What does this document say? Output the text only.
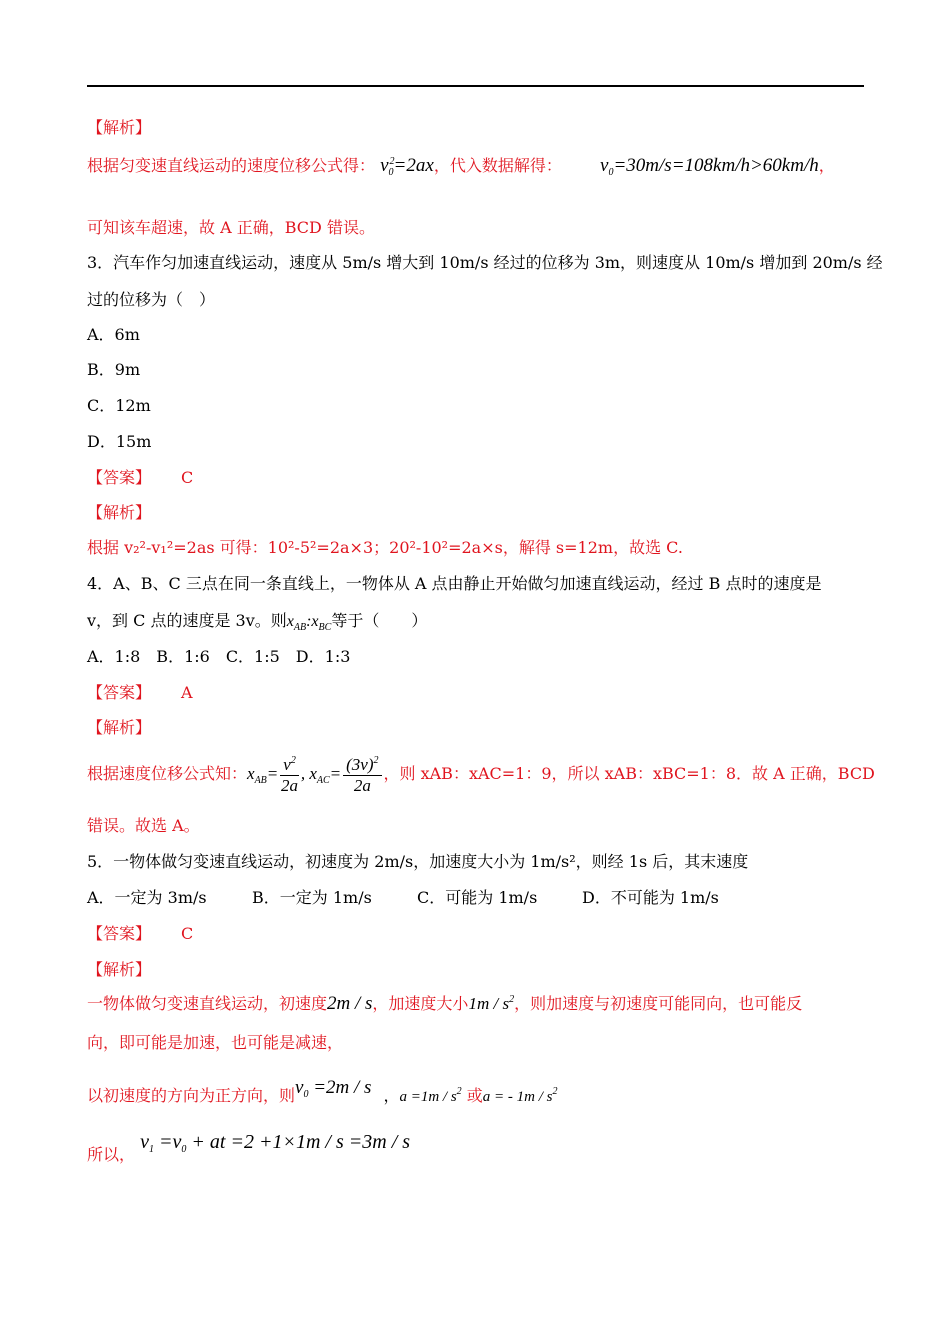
【解析】
根据匀变速直线运动的速度位移公式得： $v^2_0=2ax$，代入数据解得： $v_0=30m/s=108km/h>60km/h$，
可知该车超速，故 A 正确，BCD 错误。
3．汽车作匀加速直线运动，速度从 5m/s 增大到 10m/s 经过的位移为 3m，则速度从 10m/s 增加到 20m/s 经
过的位移为（　）
A．6m
B．9m
C．12m
D．15m
【答案】 C
【解析】
根据 v₂²-v₁²=2as 可得：10²-5²=2a×3；20²-10²=2a×s，解得 s=12m，故选 C.
4．A、B、C 三点在同一条直线上，一物体从 A 点由静止开始做匀加速直线运动，经过 B 点时的速度是
v，到 C 点的速度是 3v。则$x_{AB}:x_{BC}$等于（　　）
A．1:8　B．1:6　C．1:5　D．1:3
【答案】 A
【解析】
根据速度位移公式知：$x_{AB}= \frac{v^2}{2a}$ , $x_{AC}= \frac{(3v)^2}{2a}$ ，则 xAB：xAC=1：9，所以 xAB：xBC=1：8．故 A 正确，BCD
错误。故选 A。
5．一物体做匀变速直线运动，初速度为 2m/s，加速度大小为 1m/s²，则经 1s 后，其末速度
A．一定为 3m/s	B．一定为 1m/s	C．可能为 1m/s	D．不可能为 1m/s
【答案】 C
【解析】
一物体做匀变速直线运动，初速度2m / s，加速度大小$1m / s^2$，则加速度与初速度可能同向，也可能反
向，即可能是加速，也可能是减速，
以初速度的方向为正方向，则$v_0 =2m / s$ ，$a =1m / s^2$ 或a = - $1m / s^2$
所以， $v_1 =v_0$ + at =2 +1×1m / s =3m / s
